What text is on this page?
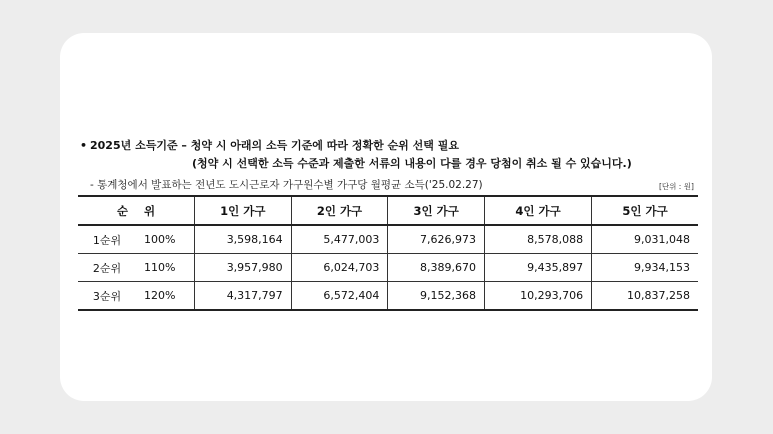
• 2025년 소득기준 – 청약 시 아래의 소득 기준에 따라 정확한 순위 선택 필요
(청약 시 선택한 소득 수준과 제출한 서류의 내용이 다를 경우 당첨이 취소 될 수 있습니다.)
- 통계청에서 발표하는 전년도 도시근로자 가구원수별 가구당 월평균 소득('25.02.27)	[단위 : 원]
순    위		1인 가구	2인 가구	3인 가구	4인 가구	5인 가구
1순위	100%	3,598,164	5,477,003	7,626,973	8,578,088	9,031,048
2순위	110%	3,957,980	6,024,703	8,389,670	9,435,897	9,934,153
3순위	120%	4,317,797	6,572,404	9,152,368	10,293,706	10,837,258
